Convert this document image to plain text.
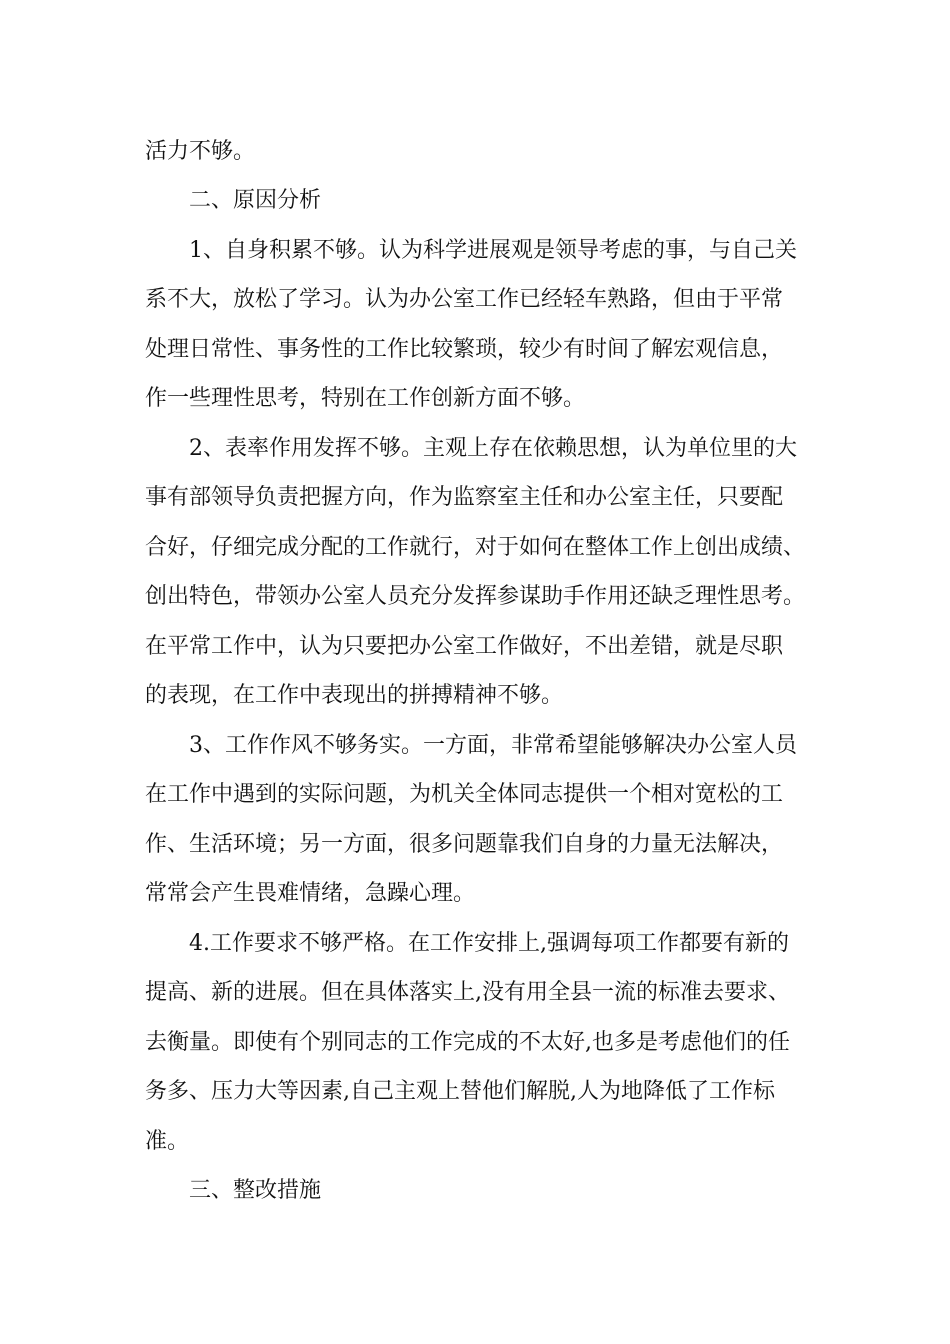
活力不够。
二、原因分析
1、自身积累不够。认为科学进展观是领导考虑的事，与自己关
系不大，放松了学习。认为办公室工作已经轻车熟路，但由于平常
处理日常性、事务性的工作比较繁琐，较少有时间了解宏观信息，
作一些理性思考，特别在工作创新方面不够。
2、表率作用发挥不够。主观上存在依赖思想，认为单位里的大
事有部领导负责把握方向，作为监察室主任和办公室主任，只要配
合好，仔细完成分配的工作就行，对于如何在整体工作上创出成绩、
创出特色，带领办公室人员充分发挥参谋助手作用还缺乏理性思考。
在平常工作中，认为只要把办公室工作做好，不出差错，就是尽职
的表现，在工作中表现出的拼搏精神不够。
3、工作作风不够务实。一方面，非常希望能够解决办公室人员
在工作中遇到的实际问题，为机关全体同志提供一个相对宽松的工
作、生活环境；另一方面，很多问题靠我们自身的力量无法解决，
常常会产生畏难情绪，急躁心理。
4.工作要求不够严格。在工作安排上,强调每项工作都要有新的
提高、新的进展。但在具体落实上,没有用全县一流的标准去要求、
去衡量。即使有个别同志的工作完成的不太好,也多是考虑他们的任
务多、压力大等因素,自己主观上替他们解脱,人为地降低了工作标
准。
三、整改措施
